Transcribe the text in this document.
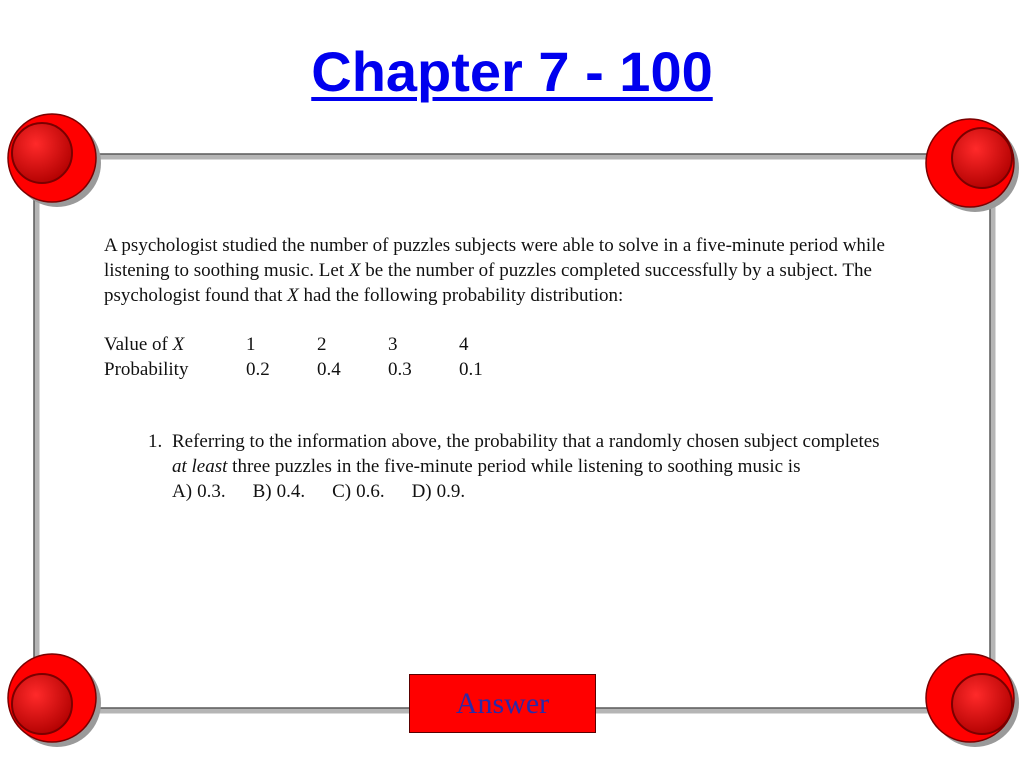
Chapter 7 - 100

A psychologist studied the number of puzzles subjects were able to solve in a five-minute period while listening to soothing music. Let X be the number of puzzles completed successfully by a subject. The psychologist found that X had the following probability distribution:

Value of X	1	2	3	4
Probability	0.2	0.4	0.3	0.1
1. Referring to the information above, the probability that a randomly chosen subject completes at least three puzzles in the five-minute period while listening to soothing music is
A) 0.3. B) 0.4. C) 0.6. D) 0.9.
Answer
